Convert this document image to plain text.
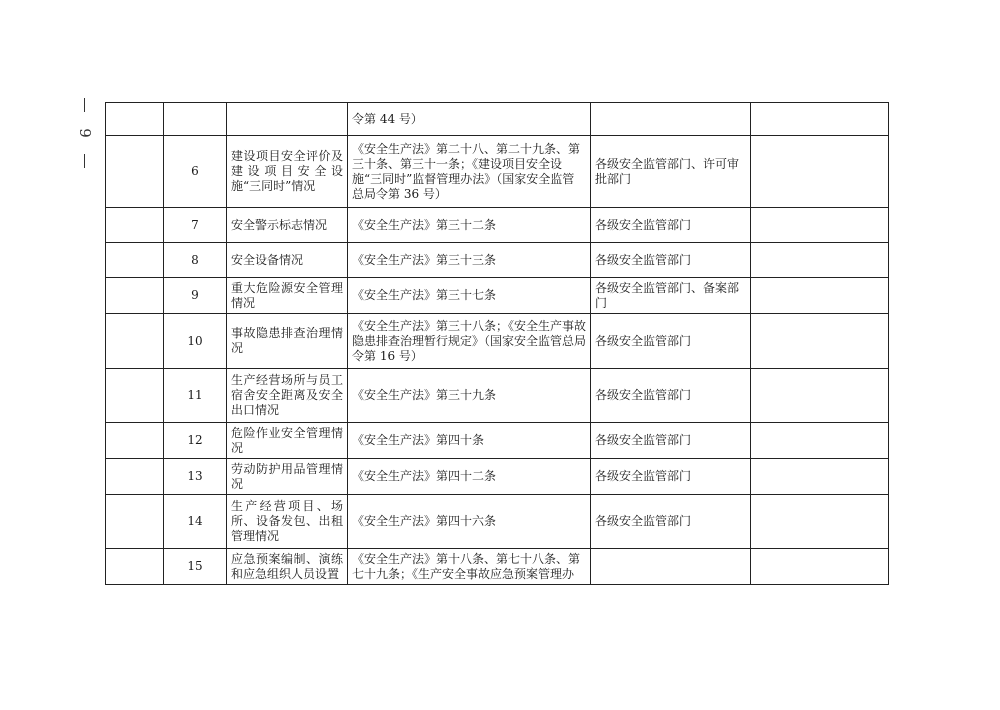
9
			令第 44 号）		
	6	建设项目安全评价及建设项目安全设施“三同时”情况	《安全生产法》第二十八、第二十九条、第三十条、第三十一条；《建设项目安全设施“三同时”监督管理办法》（国家安全监管总局令第 36 号）	各级安全监管部门、许可审批部门	
	7	安全警示标志情况	《安全生产法》第三十二条	各级安全监管部门	
	8	安全设备情况	《安全生产法》第三十三条	各级安全监管部门	
	9	重大危险源安全管理情况	《安全生产法》第三十七条	各级安全监管部门、备案部门	
	10	事故隐患排查治理情况	《安全生产法》第三十八条；《安全生产事故隐患排查治理暂行规定》（国家安全监管总局令第 16 号）	各级安全监管部门	
	11	生产经营场所与员工宿舍安全距离及安全出口情况	《安全生产法》第三十九条	各级安全监管部门	
	12	危险作业安全管理情况	《安全生产法》第四十条	各级安全监管部门	
	13	劳动防护用品管理情况	《安全生产法》第四十二条	各级安全监管部门	
	14	生产经营项目、场所、设备发包、出租管理情况	《安全生产法》第四十六条	各级安全监管部门	
	15	应急预案编制、演练和应急组织人员设置	《安全生产法》第十八条、第七十八条、第七十九条；《生产安全事故应急预案管理办		
